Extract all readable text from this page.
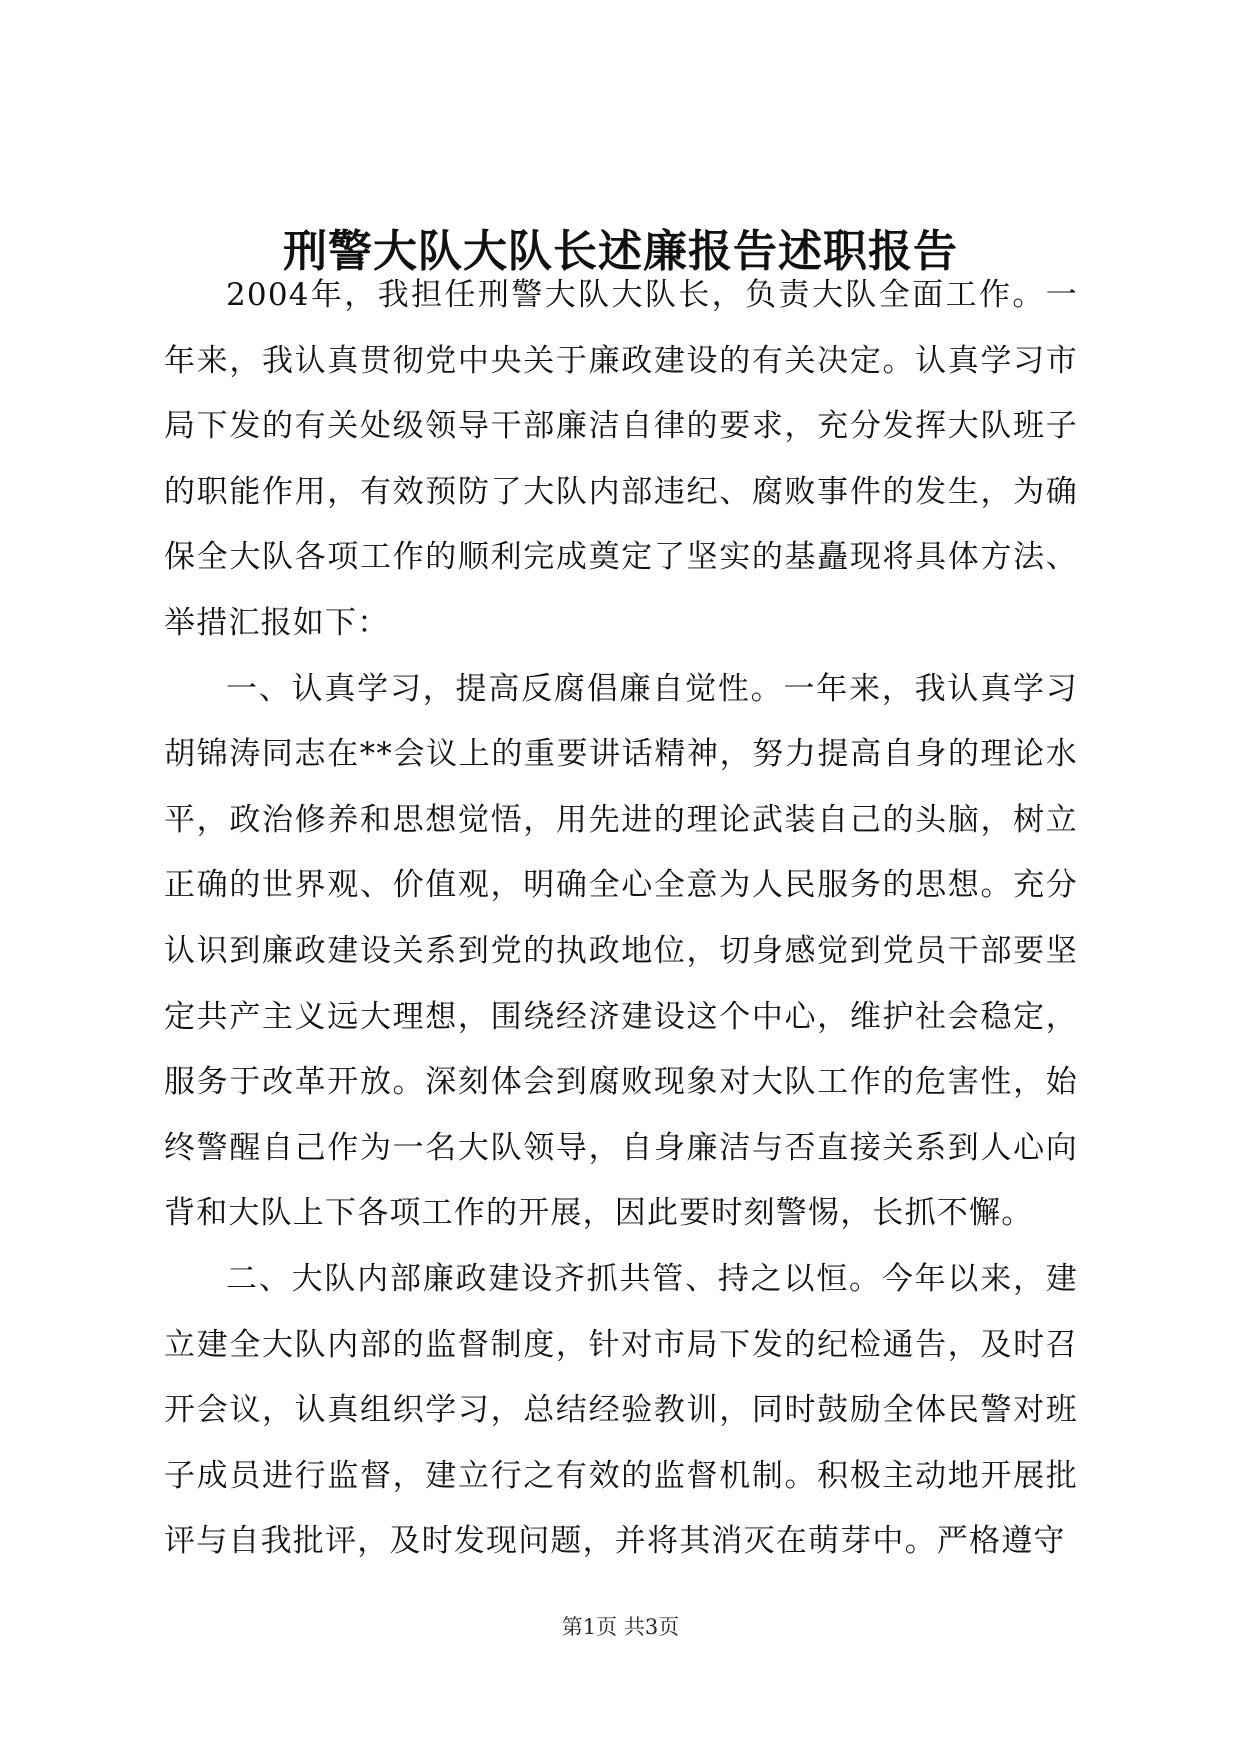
刑警大队大队长述廉报告述职报告

2004年，我担任刑警大队大队长，负责大队全面工作。一年来，我认真贯彻党中央关于廉政建设的有关决定。认真学习市局下发的有关处级领导干部廉洁自律的要求，充分发挥大队班子的职能作用，有效预防了大队内部违纪、腐败事件的发生，为确保全大队各项工作的顺利完成奠定了坚实的基矗现将具体方法、举措汇报如下：

一、认真学习，提高反腐倡廉自觉性。一年来，我认真学习胡锦涛同志在**会议上的重要讲话精神，努力提高自身的理论水平，政治修养和思想觉悟，用先进的理论武装自己的头脑，树立正确的世界观、价值观，明确全心全意为人民服务的思想。充分认识到廉政建设关系到党的执政地位，切身感觉到党员干部要坚定共产主义远大理想，围绕经济建设这个中心，维护社会稳定，服务于改革开放。深刻体会到腐败现象对大队工作的危害性，始终警醒自己作为一名大队领导，自身廉洁与否直接关系到人心向背和大队上下各项工作的开展，因此要时刻警惕，长抓不懈。

二、大队内部廉政建设齐抓共管、持之以恒。今年以来，建立建全大队内部的监督制度，针对市局下发的纪检通告，及时召开会议，认真组织学习，总结经验教训，同时鼓励全体民警对班子成员进行监督，建立行之有效的监督机制。积极主动地开展批评与自我批评，及时发现问题，并将其消灭在萌芽中。严格遵守

第1页 共3页
